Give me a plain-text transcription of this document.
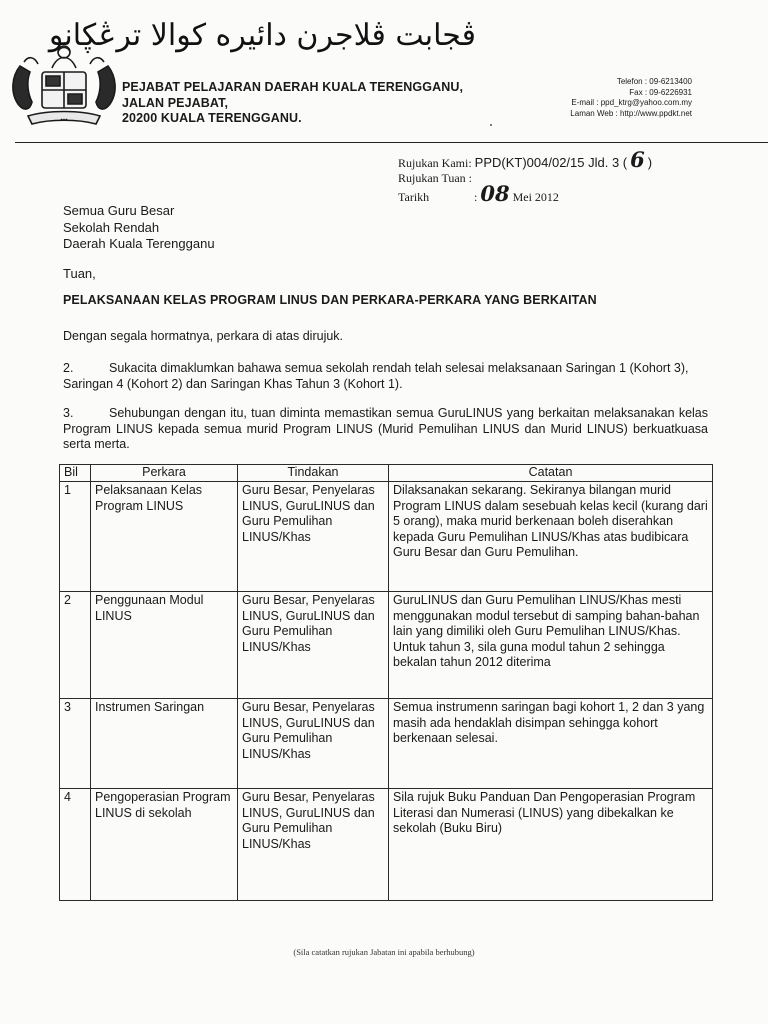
▪▪▪▪
ڤجابت ڤلاجرن دائيره كوالا ترڠڮانو
PEJABAT PELAJARAN DAERAH KUALA TERENGGANU,
JALAN PEJABAT,
20200 KUALA TERENGGANU.
Telefon : 09-6213400
Fax : 09-6226931
E-mail : ppd_ktrg@yahoo.com.my
Laman Web : http://www.ppdkt.net
Rujukan Kami:
PPD(KT)004/02/15 Jld. 3 (
6
)
Rujukan Tuan :
Tarikh	:
08
Mei 2012
Semua Guru Besar
Sekolah Rendah
Daerah Kuala Terengganu
Tuan,
PELAKSANAAN KELAS PROGRAM LINUS DAN PERKARA-PERKARA YANG BERKAITAN
Dengan segala hormatnya, perkara di atas dirujuk.
2.	Sukacita dimaklumkan bahawa semua sekolah rendah telah selesai melaksanaan Saringan 1 (Kohort 3), Saringan 4 (Kohort 2) dan Saringan Khas Tahun 3 (Kohort 1).
3.	Sehubungan dengan itu, tuan diminta memastikan semua GuruLINUS yang berkaitan melaksanakan kelas Program LINUS kepada semua murid Program LINUS (Murid Pemulihan LINUS dan Murid LINUS) berkuatkuasa serta merta.
Bil	Perkara	Tindakan	Catatan
1	Pelaksanaan Kelas Program LINUS	Guru Besar, Penyelaras LINUS, GuruLINUS dan Guru Pemulihan LINUS/Khas	Dilaksanakan sekarang. Sekiranya bilangan murid Program LINUS dalam sesebuah kelas kecil (kurang dari 5 orang), maka murid berkenaan boleh diserahkan kepada Guru Pemulihan LINUS/Khas atas budibicara Guru Besar dan Guru Pemulihan.
2	Penggunaan Modul LINUS	Guru Besar, Penyelaras LINUS, GuruLINUS dan Guru Pemulihan LINUS/Khas	GuruLINUS dan Guru Pemulihan LINUS/Khas mesti menggunakan modul tersebut di samping bahan-bahan lain yang dimiliki oleh Guru Pemulihan LINUS/Khas. Untuk tahun 3, sila guna modul tahun 2 sehingga bekalan tahun 2012 diterima
3	Instrumen Saringan	Guru Besar, Penyelaras LINUS, GuruLINUS dan Guru Pemulihan LINUS/Khas	Semua instrumenn saringan bagi kohort 1, 2 dan 3 yang masih ada hendaklah disimpan sehingga kohort berkenaan selesai.
4	Pengoperasian Program LINUS di sekolah	Guru Besar, Penyelaras LINUS, GuruLINUS dan Guru Pemulihan LINUS/Khas	Sila rujuk Buku Panduan Dan Pengoperasian Program Literasi dan Numerasi (LINUS) yang dibekalkan ke sekolah (Buku Biru)
(Sila catatkan rujukan Jabatan ini apabila berhubung)
